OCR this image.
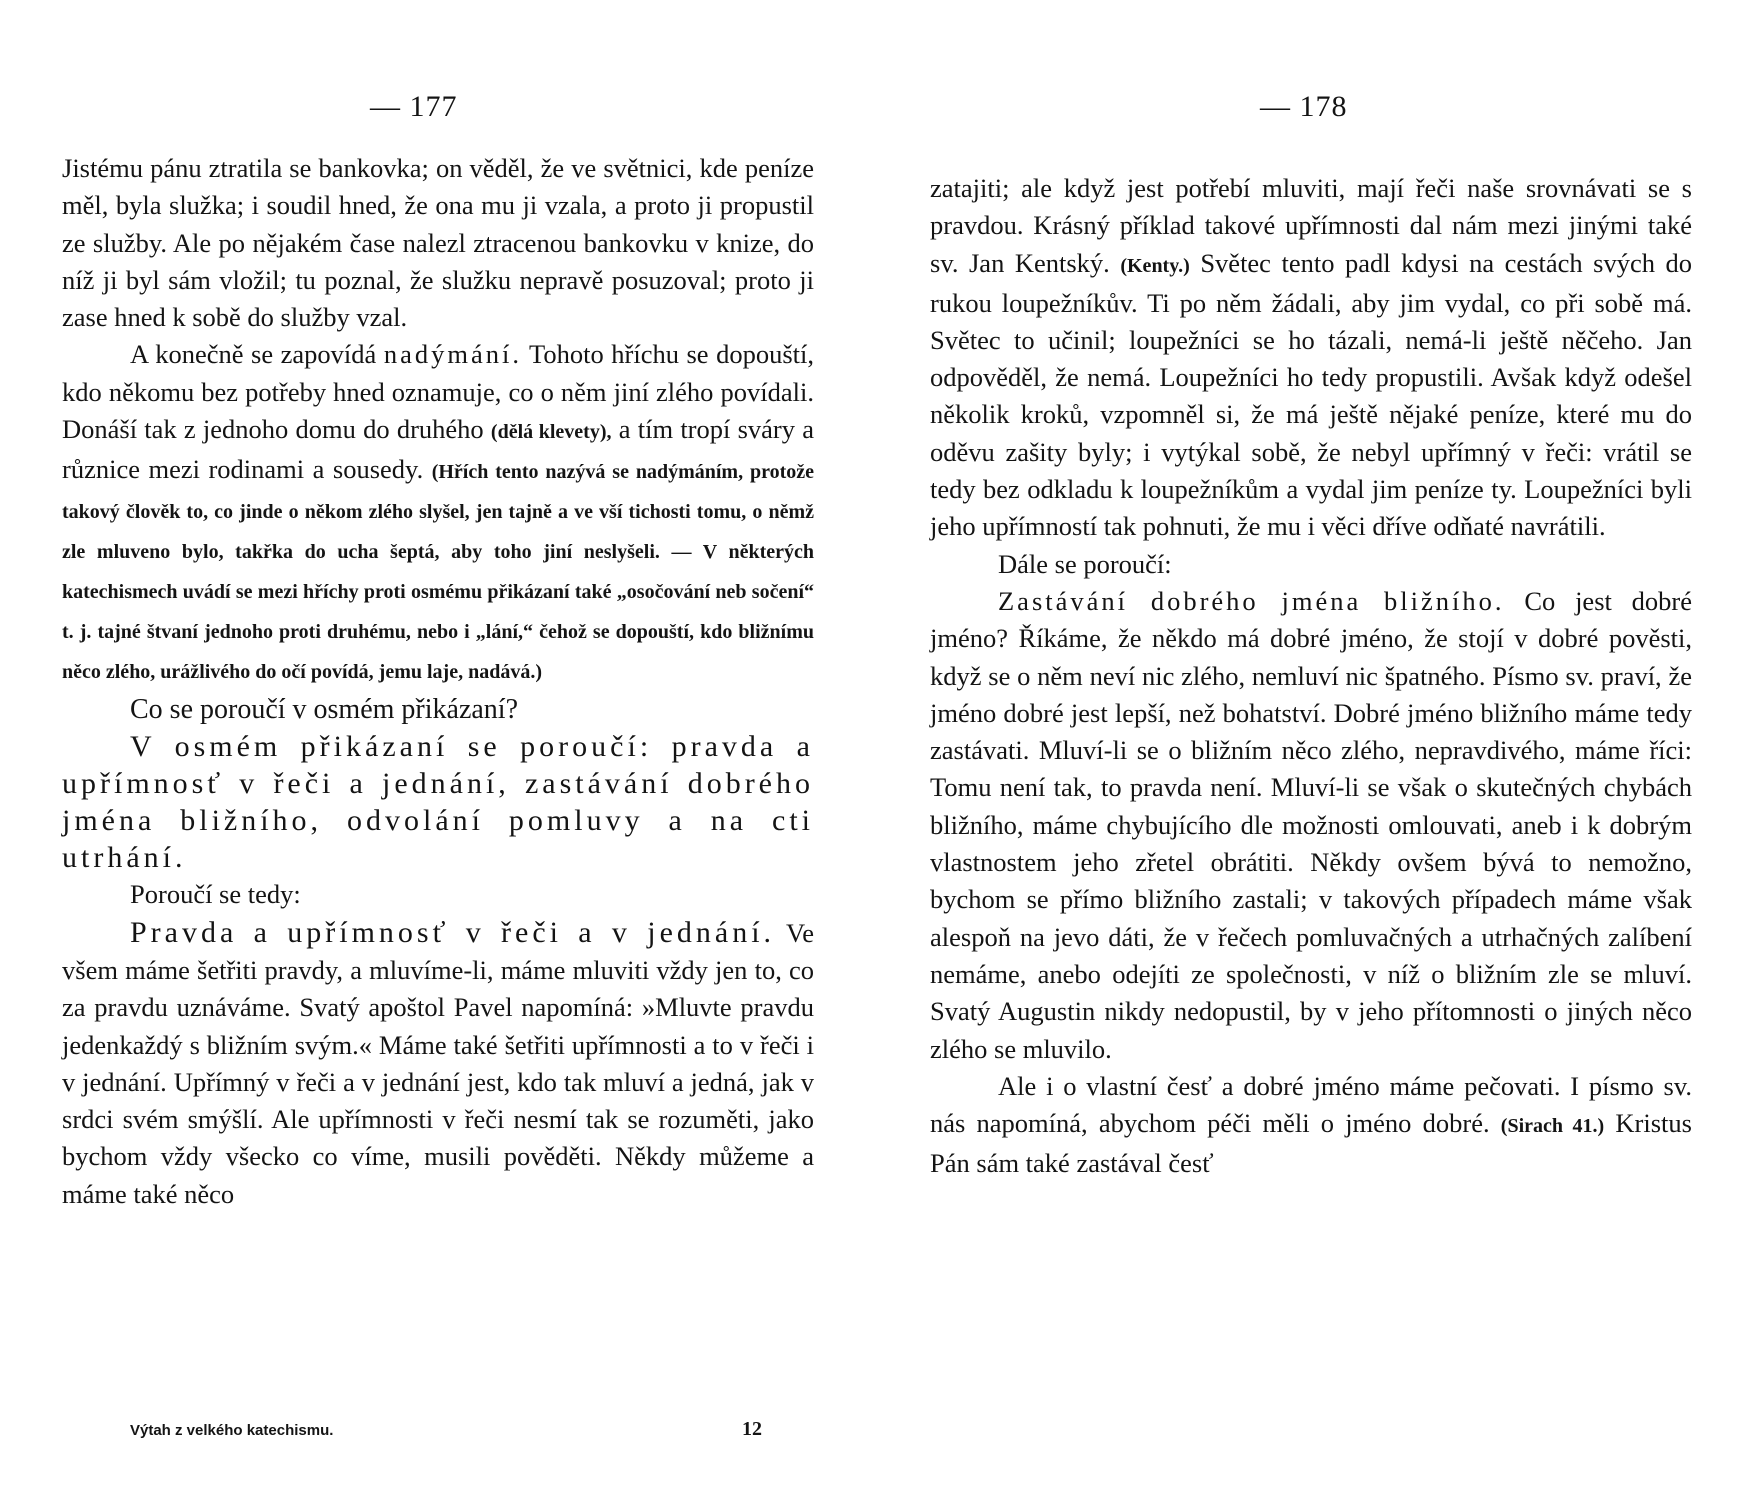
— 177

Jistému pánu ztratila se bankovka; on věděl, že ve světnici, kde peníze měl, byla služka; i soudil hned, že ona mu ji vzala, a proto ji propustil ze služby. Ale po nějakém čase nalezl ztracenou bankovku v knize, do níž ji byl sám vložil; tu poznal, že služku nepravě posuzoval; proto ji zase hned k sobě do služby vzal.

A konečně se zapovídá nadýmání. Tohoto hříchu se dopouští, kdo někomu bez potřeby hned oznamuje, co o něm jiní zlého povídali. Donáší tak z jednoho domu do druhého (dělá klevety), a tím tropí sváry a různice mezi rodinami a sousedy. (Hřích tento nazývá se nadýmáním, protože takový člověk to, co jinde o někom zlého slyšel, jen tajně a ve vší tichosti tomu, o němž zle mluveno bylo, takřka do ucha šeptá, aby toho jiní neslyšeli. — V některých katechismech uvádí se mezi hříchy proti osmému přikázaní také „osočování neb sočení“ t. j. tajné štvaní jednoho proti druhému, nebo i „lání,“ čehož se dopouští, kdo bližnímu něco zlého, urážlivého do očí povídá, jemu laje, nadává.)

Co se poroučí v osmém přikázaní?

V osmém přikázaní se poroučí: pravda a upřímnosť v řeči a jednání, zastávání dobrého jména bližního, odvolání pomluvy a na cti utrhání.

Poroučí se tedy:

Pravda a upřímnosť v řeči a v jednání. Ve všem máme šetřiti pravdy, a mluvíme-li, máme mluviti vždy jen to, co za pravdu uznáváme. Svatý apoštol Pavel napomíná: »Mluvte pravdu jedenkaždý s bližním svým.« Máme také šetřiti upřímnosti a to v řeči i v jednání. Upřímný v řeči a v jednání jest, kdo tak mluví a jedná, jak v srdci svém smýšlí. Ale upřímnosti v řeči nesmí tak se rozuměti, jako bychom vždy všecko co víme, musili pověděti. Někdy můžeme a máme také něco

Výtah z velkého katechismu.	12
— 178

zatajiti; ale když jest potřebí mluviti, mají řeči naše srovnávati se s pravdou. Krásný příklad takové upřímnosti dal nám mezi jinými také sv. Jan Kentský. (Kenty.) Světec tento padl kdysi na cestách svých do rukou loupežníkův. Ti po něm žádali, aby jim vydal, co při sobě má. Světec to učinil; loupežníci se ho tázali, nemá-li ještě něčeho. Jan odpověděl, že nemá. Loupežníci ho tedy propustili. Avšak když odešel několik kroků, vzpomněl si, že má ještě nějaké peníze, které mu do oděvu zašity byly; i vytýkal sobě, že nebyl upřímný v řeči: vrátil se tedy bez odkladu k loupežníkům a vydal jim peníze ty. Loupežníci byli jeho upřímností tak pohnuti, že mu i věci dříve odňaté navrátili.

Dále se poroučí:

Zastávání dobrého jména bližního. Co jest dobré jméno? Říkáme, že někdo má dobré jméno, že stojí v dobré pověsti, když se o něm neví nic zlého, nemluví nic špatného. Písmo sv. praví, že jméno dobré jest lepší, než bohatství. Dobré jméno bližního máme tedy zastávati. Mluví-li se o bližním něco zlého, nepravdivého, máme říci: Tomu není tak, to pravda není. Mluví-li se však o skutečných chybách bližního, máme chybujícího dle možnosti omlouvati, aneb i k dobrým vlastnostem jeho zřetel obrátiti. Někdy ovšem bývá to nemožno, bychom se přímo bližního zastali; v takových případech máme však alespoň na jevo dáti, že v řečech pomluvačných a utrhačných zalíbení nemáme, anebo odejíti ze společnosti, v níž o bližním zle se mluví. Svatý Augustin nikdy nedopustil, by v jeho přítomnosti o jiných něco zlého se mluvilo.

Ale i o vlastní česť a dobré jméno máme pečovati. I písmo sv. nás napomíná, abychom péči měli o jméno dobré. (Sirach 41.) Kristus Pán sám také zastával česť
